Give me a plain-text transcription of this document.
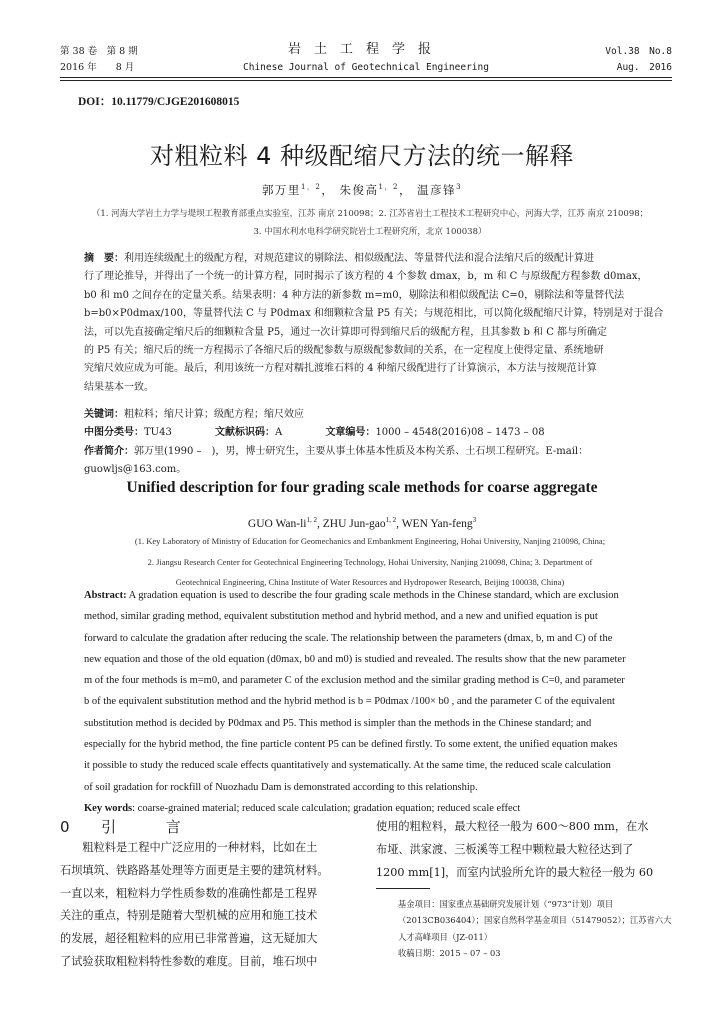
第 38 卷　第 8 期
2016 年　　8 月
岩土工程学报
Chinese Journal of Geotechnical Engineering
Vol.38　No.8
Aug.　2016
DOI：10.11779/CJGE201608015
对粗粒料 4 种级配缩尺方法的统一解释
郭万里$^{1,2}$， 朱俊高$^{1,2}$， 温彦锋$^3$
（1. 河海大学岩土力学与堤坝工程教育部重点实验室，江苏 南京 210098；2. 江苏省岩土工程技术工程研究中心，河海大学，江苏 南京 210098；
3. 中国水利水电科学研究院岩土工程研究所，北京 100038）

摘　要：利用连续级配土的级配方程，对规范建议的剔除法、相似级配法、等量替代法和混合法缩尺后的级配计算进

行了理论推导，并得出了一个统一的计算方程，同时揭示了该方程的 4 个参数 dmax，b，m 和 C 与原级配方程参数 d0max，

b0 和 m0 之间存在的定量关系。结果表明：4 种方法的新参数 m=m0，剔除法和相似级配法 C=0，剔除法和等量替代法

b=b0×P0dmax/100，等量替代法 C 与 P0dmax 和细颗粒含量 P5 有关；与规范相比，可以简化级配缩尺计算，特别是对于混合

法，可以先直接确定缩尺后的细颗粒含量 P5，通过一次计算即可得到缩尺后的级配方程，且其参数 b 和 C 都与所确定

的 P5 有关；缩尺后的统一方程揭示了各缩尺后的级配参数与原级配参数间的关系，在一定程度上使得定量、系统地研

究缩尺效应成为可能。最后，利用该统一方程对糯扎渡堆石料的 4 种缩尺级配进行了计算演示，本方法与按规范计算

结果基本一致。

关键词：粗粒料；缩尺计算；级配方程；缩尺效应
中图分类号：TU43	文献标识码：A	文章编号：1000 – 4548(2016)08 – 1473 – 08
作者简介：郭万里(1990 –　)，男，博士研究生，主要从事土体基本性质及本构关系、土石坝工程研究。E-mail：
guowljs@163.com。
Unified description for four grading scale methods for coarse aggregate
GUO Wan-li$^{1, 2}$, ZHU Jun-gao$^{1, 2}$, WEN Yan-feng$^3$
(1. Key Laboratory of Ministry of Education for Geomechanics and Embankment Engineering, Hohai University, Nanjing 210098, China;
2. Jiangsu Research Center for Geotechnical Engineering Technology, Hohai University, Nanjing 210098, China; 3. Department of
Geotechnical Engineering, China Institute of Water Resources and Hydropower Research, Beijing 100038, China)

Abstract: A gradation equation is used to describe the four grading scale methods in the Chinese standard, which are exclusion

method, similar grading method, equivalent substitution method and hybrid method, and a new and unified equation is put

forward to calculate the gradation after reducing the scale. The relationship between the parameters (dmax, b, m and C) of the

new equation and those of the old equation (d0max, b0 and m0) is studied and revealed. The results show that the new parameter

m of the four methods is m=m0, and parameter C of the exclusion method and the similar grading method is C=0, and parameter

b of the equivalent substitution method and the hybrid method is b = P0dmax /100× b0 , and the parameter C of the equivalent

substitution method is decided by P0dmax and P5. This method is simpler than the methods in the Chinese standard; and

especially for the hybrid method, the fine particle content P5 can be defined firstly. To some extent, the unified equation makes

it possible to study the reduced scale effects quantitatively and systematically. At the same time, the reduced scale calculation

of soil gradation for rockfill of Nuozhadu Dam is demonstrated according to this relationship.

Key words: coarse-grained material; reduced scale calculation; gradation equation; reduced scale effect

0 引	言

粗粒料是工程中广泛应用的一种材料，比如在土

石坝填筑、铁路路基处理等方面更是主要的建筑材料。
一直以来，粗粒料力学性质参数的准确性都是工程界
关注的重点，特别是随着大型机械的应用和施工技术
的发展，超径粗粒料的应用已非常普遍，这无疑加大
了试验获取粗粒料特性参数的难度。目前，堆石坝中
使用的粗粒料，最大粒径一般为 600～800 mm，在水
布垭、洪家渡、三板溪等工程中颗粒最大粒径达到了
1200 mm[1]，而室内试验所允许的最大粒径一般为 60
基金项目：国家重点基础研究发展计划（“973”计划）项目
（2013CB036404）；国家自然科学基金项目（51479052）；江苏省六大
人才高峰项目（JZ-011）
收稿日期：2015 – 07 – 03
